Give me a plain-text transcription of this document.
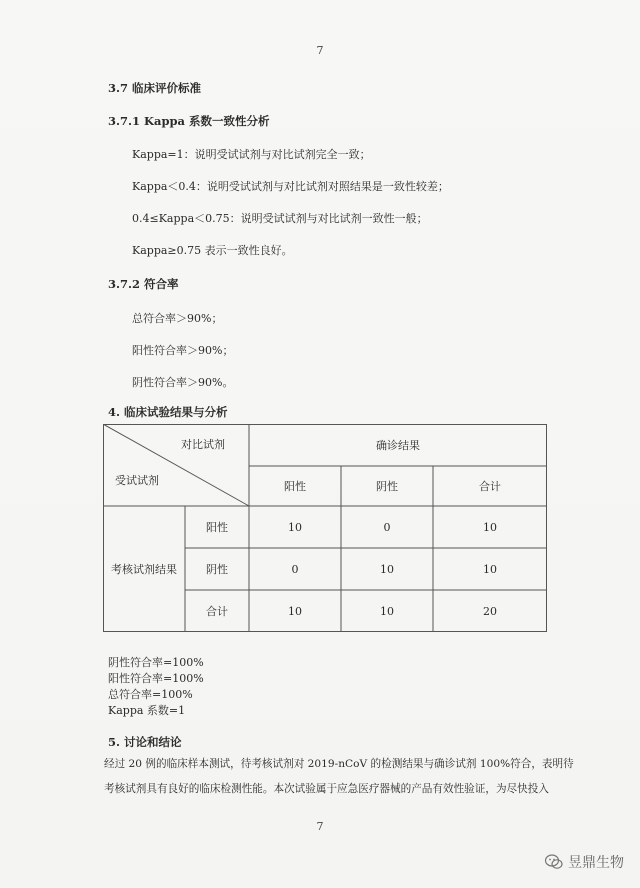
7
3.7 临床评价标准
3.7.1 Kappa 系数一致性分析
Kappa=1：说明受试试剂与对比试剂完全一致；
Kappa＜0.4：说明受试试剂与对比试剂对照结果是一致性较差；
0.4≤Kappa＜0.75：说明受试试剂与对比试剂一致性一般；
Kappa≥0.75 表示一致性良好。
3.7.2 符合率
总符合率＞90%；
阳性符合率＞90%；
阴性符合率＞90%。
4. 临床试验结果与分析
对比试剂
受试试剂
确诊结果
阳性	阴性	合计
考核试剂结果
阳性	10	0	10
阴性	0	10	10
合计	10	10	20
阴性符合率=100%
阳性符合率=100%
总符合率=100%
Kappa 系数=1
5. 讨论和结论
经过 20 例的临床样本测试，待考核试剂对 2019-nCoV 的检测结果与确诊试剂 100%符合，表明待
考核试剂具有良好的临床检测性能。本次试验属于应急医疗器械的产品有效性验证，为尽快投入
7
昱鼎生物
